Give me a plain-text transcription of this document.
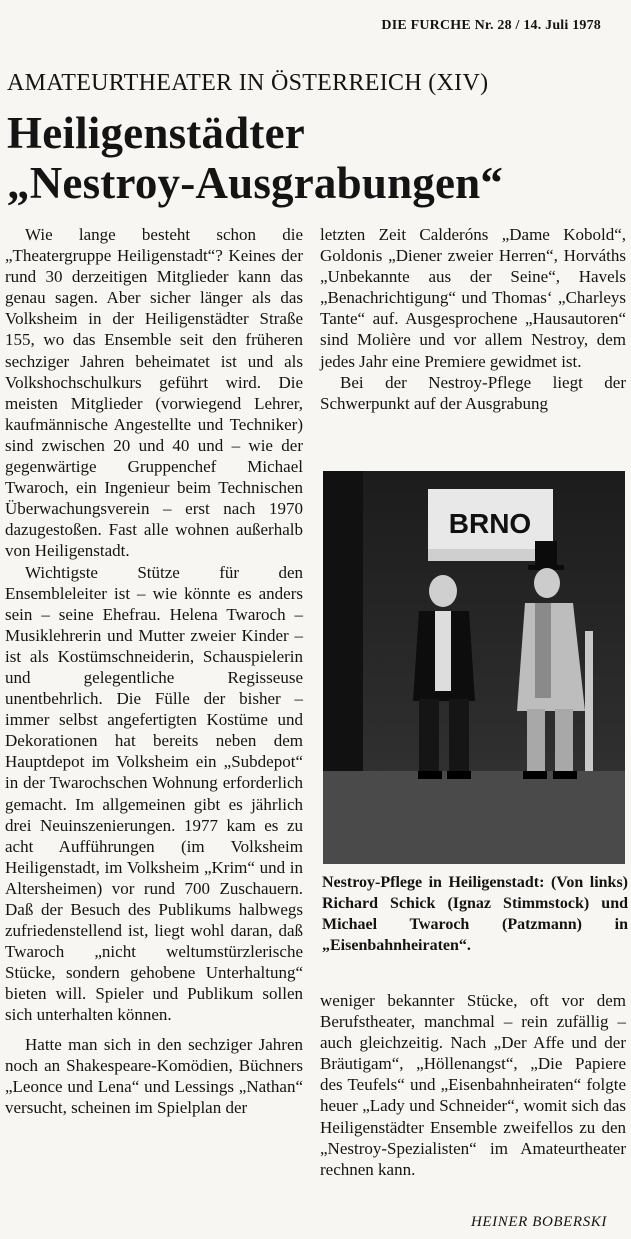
DIE FURCHE Nr. 28 / 14. Juli 1978
AMATEURTHEATER IN ÖSTERREICH (XIV)
Heiligenstädter
„Nestroy-Ausgrabungen“

Wie lange besteht schon die „Theatergruppe Heiligenstadt“? Keines der rund 30 derzeitigen Mitglieder kann das genau sagen. Aber sicher länger als das Volksheim in der Heiligenstädter Straße 155, wo das Ensemble seit den früheren sechziger Jahren beheimatet ist und als Volkshochschulkurs geführt wird. Die meisten Mitglieder (vorwiegend Lehrer, kaufmännische Angestellte und Techniker) sind zwischen 20 und 40 und – wie der gegenwärtige Gruppenchef Michael Twaroch, ein Ingenieur beim Technischen Überwachungsverein – erst nach 1970 dazugestoßen. Fast alle wohnen außerhalb von Heiligenstadt.

Wichtigste Stütze für den Ensembleleiter ist – wie könnte es anders sein – seine Ehefrau. Helena Twaroch – Musiklehrerin und Mutter zweier Kinder – ist als Kostümschneiderin, Schauspielerin und gelegentliche Regisseuse unentbehrlich. Die Fülle der bisher – immer selbst angefertigten Kostüme und Dekorationen hat bereits neben dem Hauptdepot im Volksheim ein „Subdepot“ in der Twarochschen Wohnung erforderlich gemacht. Im allgemeinen gibt es jährlich drei Neuinszenierungen. 1977 kam es zu acht Aufführungen (im Volksheim Heiligenstadt, im Volksheim „Krim“ und in Altersheimen) vor rund 700 Zuschauern. Daß der Besuch des Publikums halbwegs zufriedenstellend ist, liegt wohl daran, daß Twaroch „nicht weltumstürzlerische Stücke, sondern gehobene Unterhaltung“ bieten will. Spieler und Publikum sollen sich unterhalten können.

Hatte man sich in den sechziger Jahren noch an Shakespeare-Komödien, Büchners „Leonce und Lena“ und Lessings „Nathan“ versucht, scheinen im Spielplan der

letzten Zeit Calderóns „Dame Kobold“, Goldonis „Diener zweier Herren“, Horváths „Unbekannte aus der Seine“, Havels „Benachrichtigung“ und Thomas‘ „Charleys Tante“ auf. Ausgesprochene „Hausautoren“ sind Molière und vor allem Nestroy, dem jedes Jahr eine Premiere gewidmet ist.

Bei der Nestroy-Pflege liegt der Schwerpunkt auf der Ausgrabung

BRNO
Nestroy-Pflege in Heiligenstadt: (Von links) Richard Schick (Ignaz Stimmstock) und Michael Twaroch (Patzmann) in „Eisenbahnheiraten“.

weniger bekannter Stücke, oft vor dem Berufstheater, manchmal – rein zufällig – auch gleichzeitig. Nach „Der Affe und der Bräutigam“, „Höllenangst“, „Die Papiere des Teufels“ und „Eisenbahnheiraten“ folgte heuer „Lady und Schneider“, womit sich das Heiligenstädter Ensemble zweifellos zu den „Nestroy-Spezialisten“ im Amateurtheater rechnen kann.

HEINER BOBERSKI
